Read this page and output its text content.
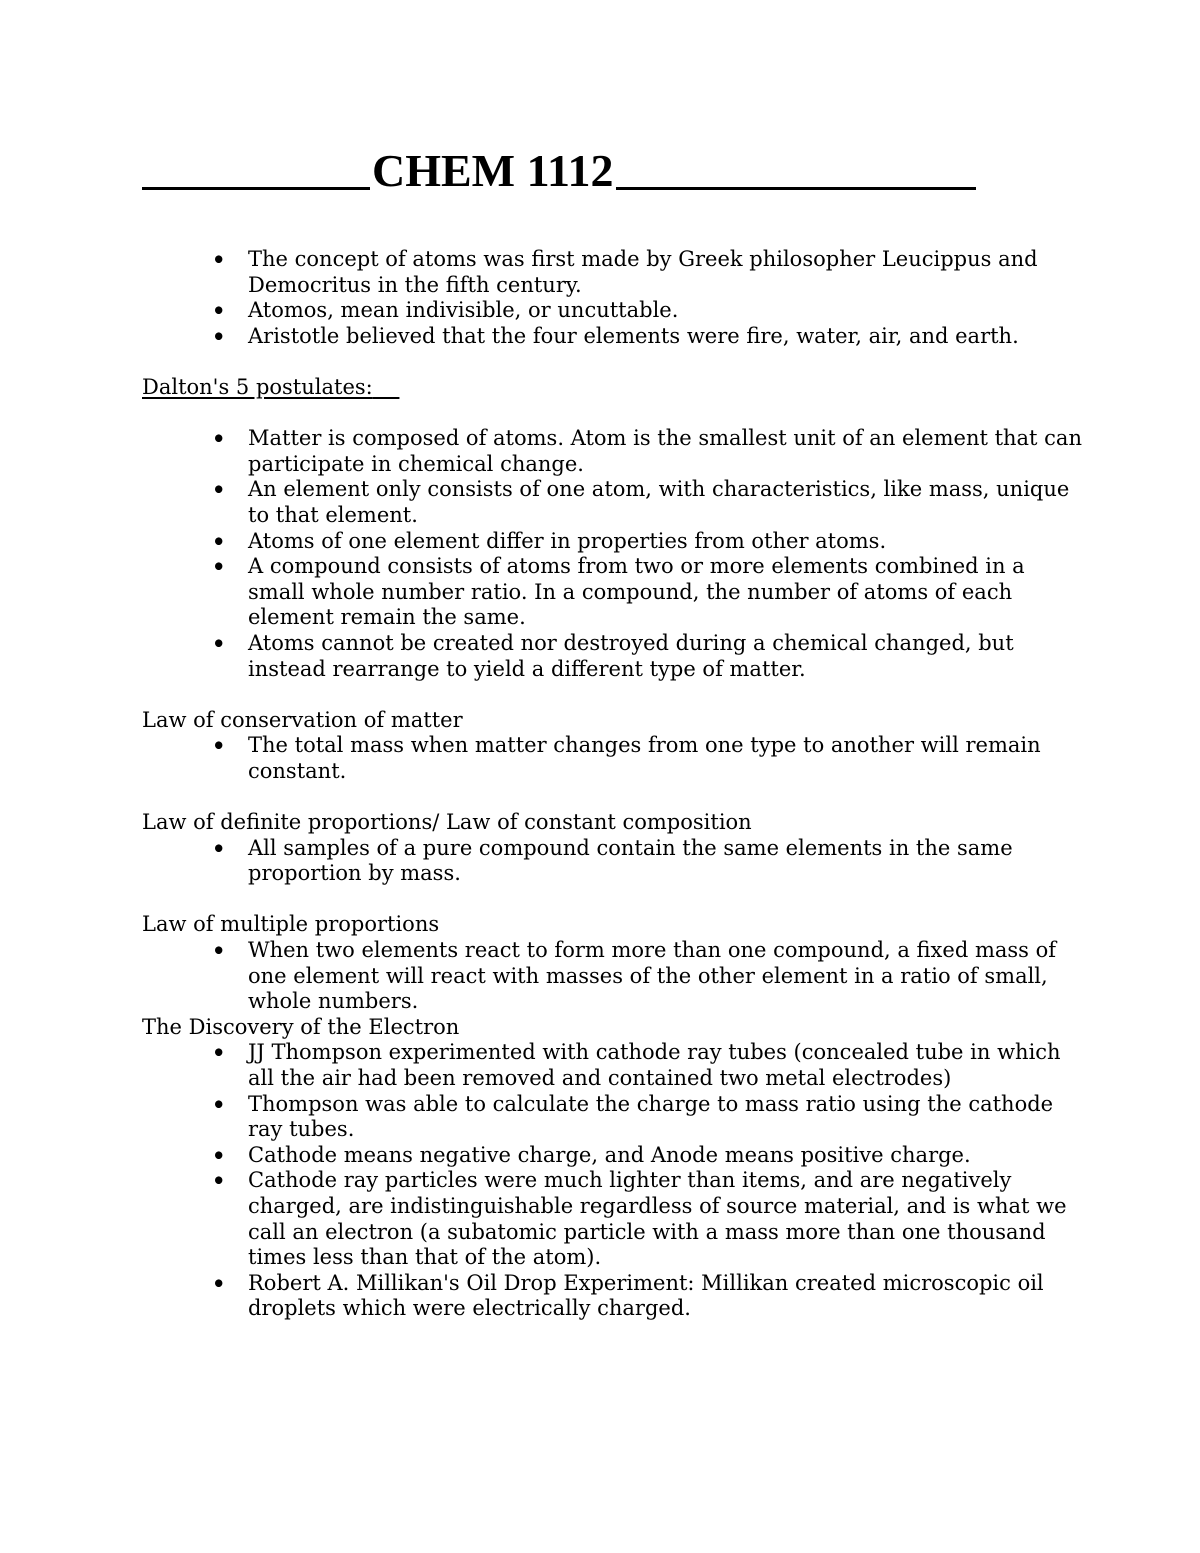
CHEM 1112
• The concept of atoms was first made by Greek philosopher Leucippus and Democritus in the fifth century.
• Atomos, mean indivisible, or uncuttable.
• Aristotle believed that the four elements were fire, water, air, and earth.

Dalton's 5 postulates:

• Matter is composed of atoms. Atom is the smallest unit of an element that can participate in chemical change.
• An element only consists of one atom, with characteristics, like mass, unique to that element.
• Atoms of one element differ in properties from other atoms.
• A compound consists of atoms from two or more elements combined in a small whole number ratio. In a compound, the number of atoms of each element remain the same.
• Atoms cannot be created nor destroyed during a chemical changed, but instead rearrange to yield a different type of matter.

Law of conservation of matter

• The total mass when matter changes from one type to another will remain constant.

Law of definite proportions/ Law of constant composition

• All samples of a pure compound contain the same elements in the same proportion by mass.

Law of multiple proportions

• When two elements react to form more than one compound, a fixed mass of one element will react with masses of the other element in a ratio of small, whole numbers.

The Discovery of the Electron

• JJ Thompson experimented with cathode ray tubes (concealed tube in which all the air had been removed and contained two metal electrodes)
• Thompson was able to calculate the charge to mass ratio using the cathode ray tubes.
• Cathode means negative charge, and Anode means positive charge.
• Cathode ray particles were much lighter than items, and are negatively charged, are indistinguishable regardless of source material, and is what we call an electron (a subatomic particle with a mass more than one thousand times less than that of the atom).
• Robert A. Millikan's Oil Drop Experiment: Millikan created microscopic oil droplets which were electrically charged.
